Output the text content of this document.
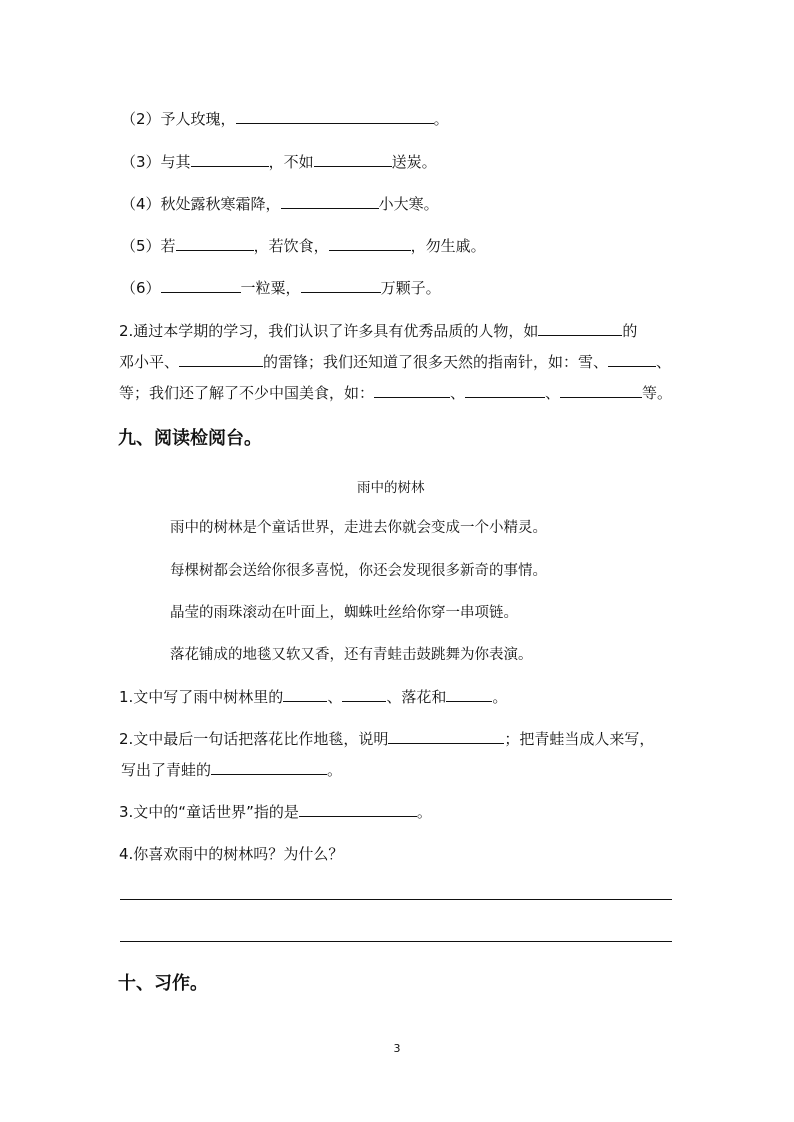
（2）予人玫瑰，	。
（3）与其	，不如	送炭。
（4）秋处露秋寒霜降，	小大寒。
（5）若	，若饮食，	，勿生戚。
（6）	一粒粟，	万颗子。
2.通过本学期的学习，我们认识了许多具有优秀品质的人物，如	的
邓小平、	的雷锋；我们还知道了很多天然的指南针，如：雪、	、
等；我们还了解了不少中国美食，如：	、	、	等。
九、阅读检阅台。
雨中的树林
雨中的树林是个童话世界，走进去你就会变成一个小精灵。
每棵树都会送给你很多喜悦，你还会发现很多新奇的事情。
晶莹的雨珠滚动在叶面上，蜘蛛吐丝给你穿一串项链。
落花铺成的地毯又软又香，还有青蛙击鼓跳舞为你表演。
1.文中写了雨中树林里的	、	、落花和	。
2.文中最后一句话把落花比作地毯，说明	；把青蛙当成人来写，
写出了青蛙的	。
3.文中的“童话世界”指的是	。
4.你喜欢雨中的树林吗？为什么？
十、习作。
3
